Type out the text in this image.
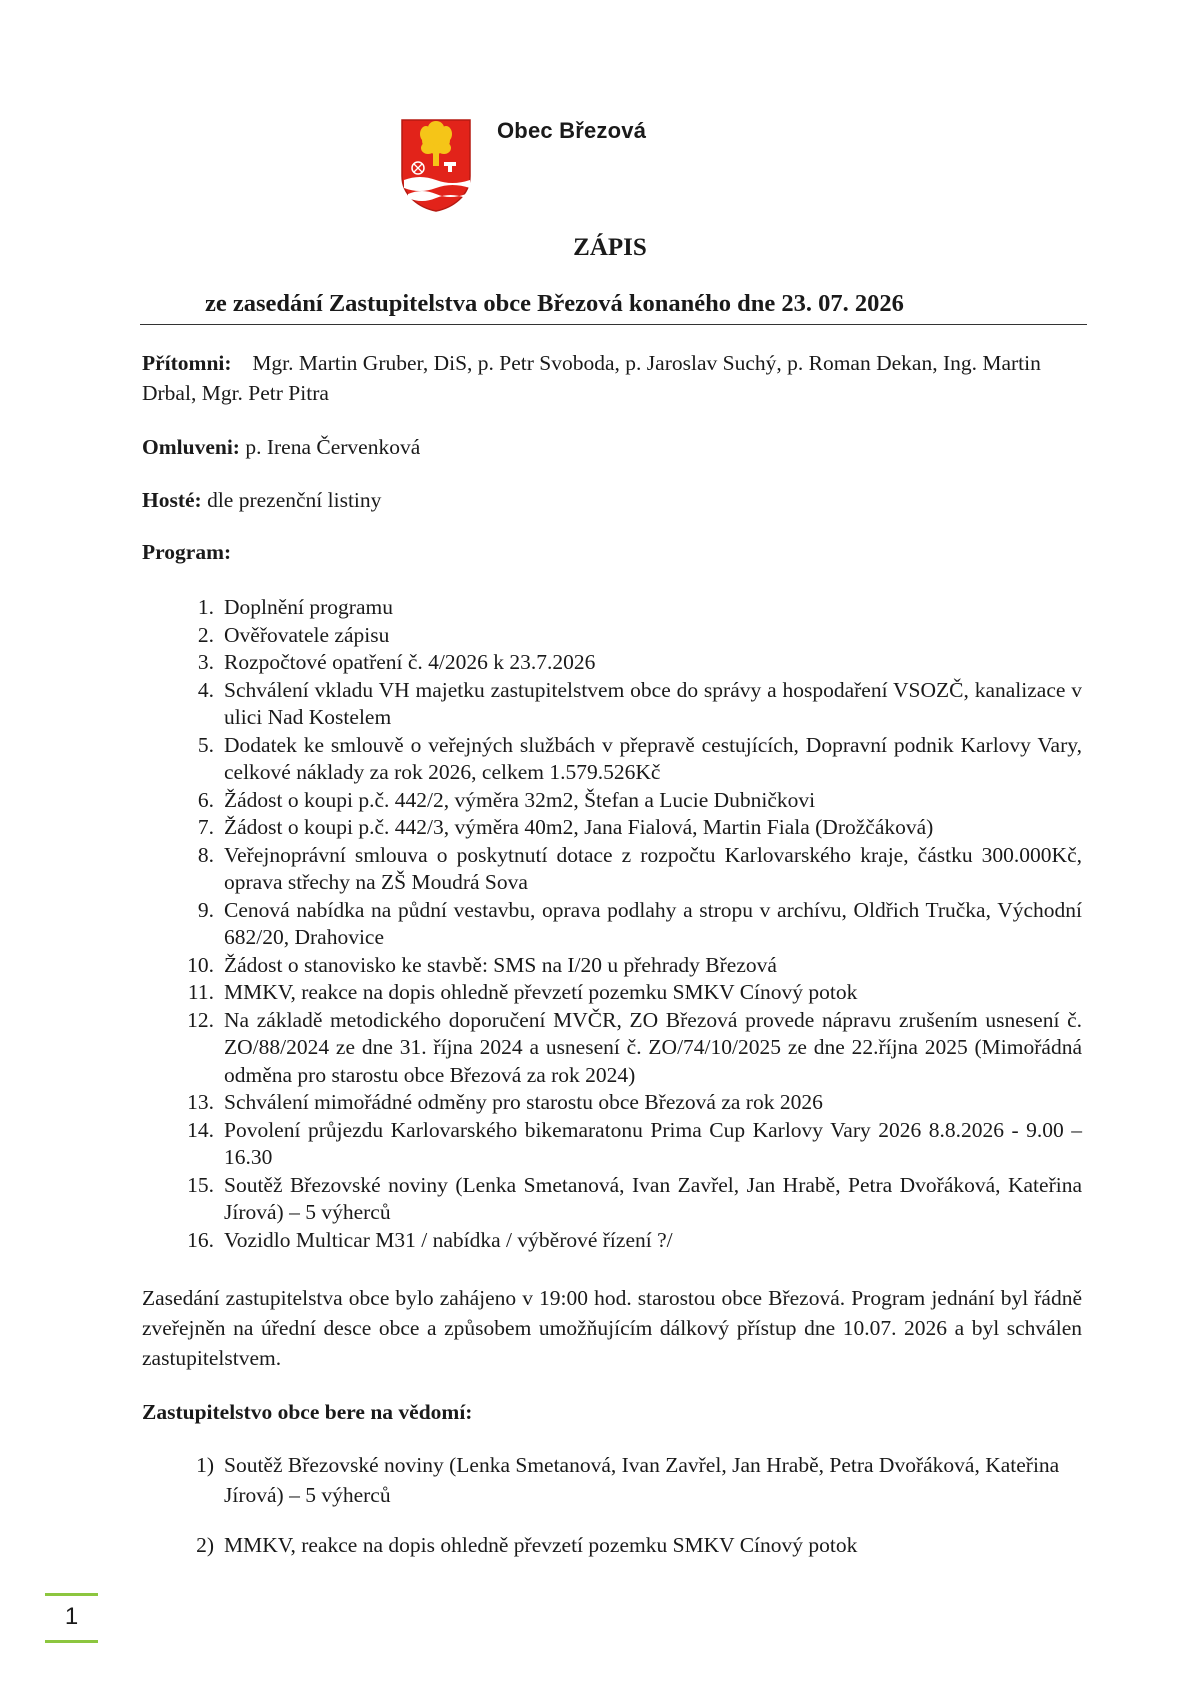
Obec Březová
ZÁPIS
ze zasedání Zastupitelstva obce Březová konaného dne 23. 07. 2026
Přítomni: Mgr. Martin Gruber, DiS, p. Petr Svoboda, p. Jaroslav Suchý, p. Roman Dekan, Ing. Martin Drbal, Mgr. Petr Pitra
Omluveni: p. Irena Červenková
Hosté: dle prezenční listiny
Program:
1. Doplnění programu
2. Ověřovatele zápisu
3. Rozpočtové opatření č. 4/2026 k 23.7.2026
4. Schválení vkladu VH majetku zastupitelstvem obce do správy a hospodaření VSOZČ, kanalizace v ulici Nad Kostelem
5. Dodatek ke smlouvě o veřejných službách v přepravě cestujících, Dopravní podnik Karlovy Vary, celkové náklady za rok 2026, celkem 1.579.526Kč
6. Žádost o koupi p.č. 442/2, výměra 32m2, Štefan a Lucie Dubničkovi
7. Žádost o koupi p.č. 442/3, výměra 40m2, Jana Fialová, Martin Fiala (Drožčáková)
8. Veřejnoprávní smlouva o poskytnutí dotace z rozpočtu Karlovarského kraje, částku 300.000Kč, oprava střechy na ZŠ Moudrá Sova
9. Cenová nabídka na půdní vestavbu, oprava podlahy a stropu v archívu, Oldřich Tručka, Východní 682/20, Drahovice
10. Žádost o stanovisko ke stavbě: SMS na I/20 u přehrady Březová
11. MMKV, reakce na dopis ohledně převzetí pozemku SMKV Cínový potok
12. Na základě metodického doporučení MVČR, ZO Březová provede nápravu zrušením usnesení č. ZO/88/2024 ze dne 31. října 2024 a usnesení č. ZO/74/10/2025 ze dne 22.října 2025 (Mimořádná odměna pro starostu obce Březová za rok 2024)
13. Schválení mimořádné odměny pro starostu obce Březová za rok 2026
14. Povolení průjezdu Karlovarského bikemaratonu Prima Cup Karlovy Vary 2026 8.8.2026 - 9.00 – 16.30
15. Soutěž Březovské noviny (Lenka Smetanová, Ivan Zavřel, Jan Hrabě, Petra Dvořáková, Kateřina Jírová) – 5 výherců
16. Vozidlo Multicar M31 / nabídka / výběrové řízení ?/
Zasedání zastupitelstva obce bylo zahájeno v 19:00 hod. starostou obce Březová. Program jednání byl řádně zveřejněn na úřední desce obce a způsobem umožňujícím dálkový přístup dne 10.07. 2026 a byl schválen zastupitelstvem.
Zastupitelstvo obce bere na vědomí:
1) Soutěž Březovské noviny (Lenka Smetanová, Ivan Zavřel, Jan Hrabě, Petra Dvořáková, Kateřina Jírová) – 5 výherců
2) MMKV, reakce na dopis ohledně převzetí pozemku SMKV Cínový potok
1
